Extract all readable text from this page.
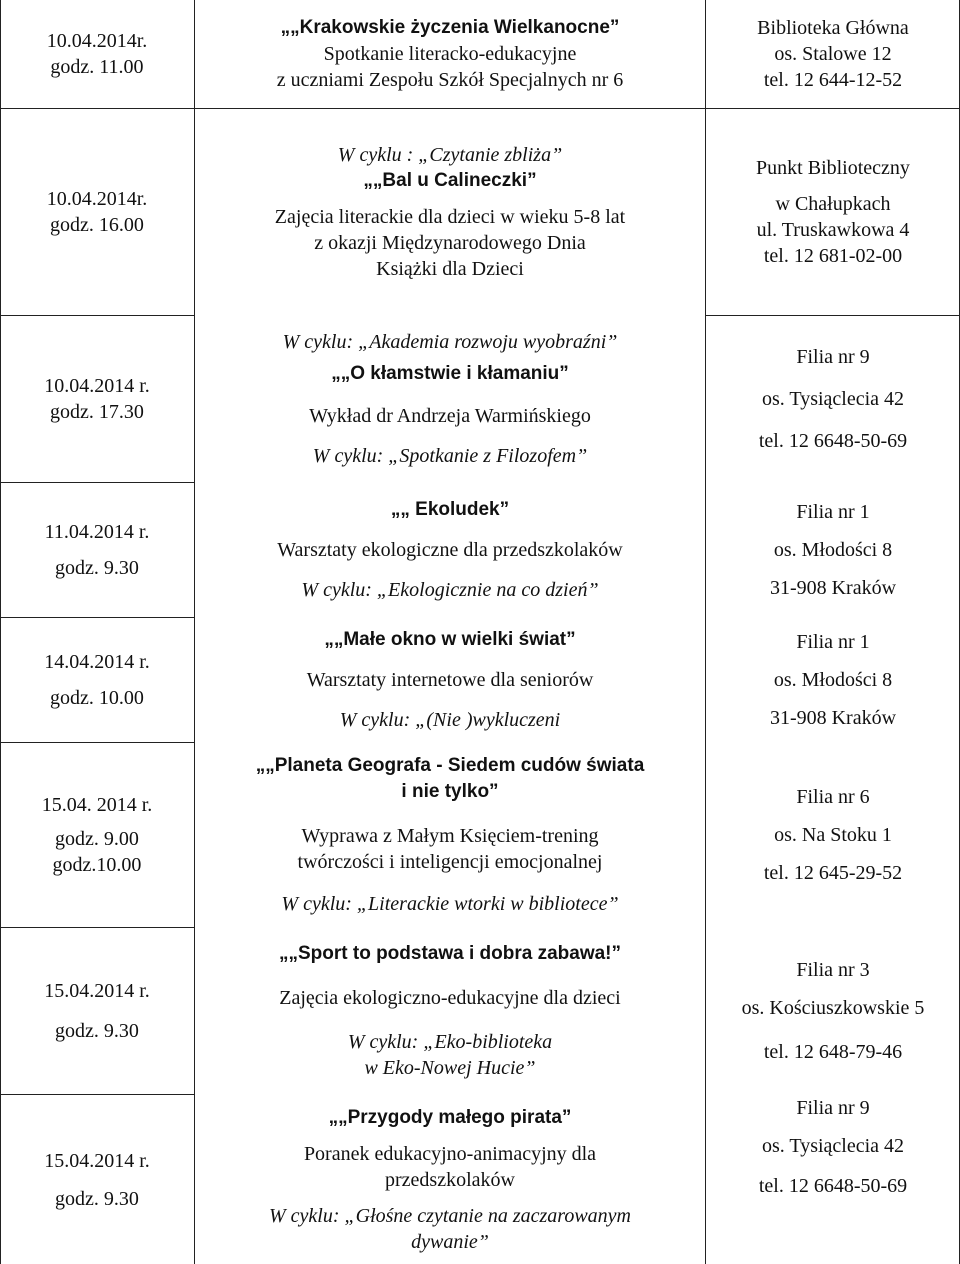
10.04.2014r.
godz. 11.00
„„Krakowskie życzenia Wielkanocne”
Spotkanie literacko-edukacyjne
z uczniami Zespołu Szkół Specjalnych nr 6
Biblioteka Główna
os. Stalowe 12
tel. 12 644-12-52
10.04.2014r.
godz. 16.00
W cyklu : „Czytanie zbliża”
„„Bal u Calineczki”
Zajęcia literackie dla dzieci w wieku 5-8 lat
z okazji Międzynarodowego Dnia
Książki dla Dzieci
Punkt Biblioteczny
w Chałupkach
ul. Truskawkowa 4
tel. 12 681-02-00
10.04.2014 r.
godz. 17.30
W cyklu: „Akademia rozwoju wyobraźni”
„„O kłamstwie i kłamaniu”
Wykład dr Andrzeja Warmińskiego
W cyklu: „Spotkanie z Filozofem”
Filia nr 9
os. Tysiąclecia 42
tel. 12 6648-50-69
11.04.2014 r.
godz. 9.30
„„ Ekoludek”
Warsztaty ekologiczne dla przedszkolaków
W cyklu: „Ekologicznie na co dzień”
Filia nr 1
os. Młodości 8
31-908 Kraków
14.04.2014 r.
godz. 10.00
„„Małe okno w wielki świat”
Warsztaty internetowe dla seniorów
W cyklu: „(Nie )wykluczeni
Filia nr 1
os. Młodości 8
31-908 Kraków
15.04. 2014 r.
godz. 9.00
godz.10.00
„„Planeta Geografa - Siedem cudów świata
i nie tylko”
Wyprawa z Małym Księciem-trening
twórczości i inteligencji emocjonalnej
W cyklu: „Literackie wtorki w bibliotece”
Filia nr 6
os. Na Stoku 1
tel. 12 645-29-52
15.04.2014 r.
godz. 9.30
„„Sport to podstawa i dobra zabawa!”
Zajęcia ekologiczno-edukacyjne dla dzieci
W cyklu: „Eko-biblioteka
w Eko-Nowej Hucie”
Filia nr 3
os. Kościuszkowskie 5
tel. 12 648-79-46
15.04.2014 r.
godz. 9.30
„„Przygody małego pirata”
Poranek edukacyjno-animacyjny dla
przedszkolaków
W cyklu: „Głośne czytanie na zaczarowanym
dywanie”
Filia nr 9
os. Tysiąclecia 42
tel. 12 6648-50-69
